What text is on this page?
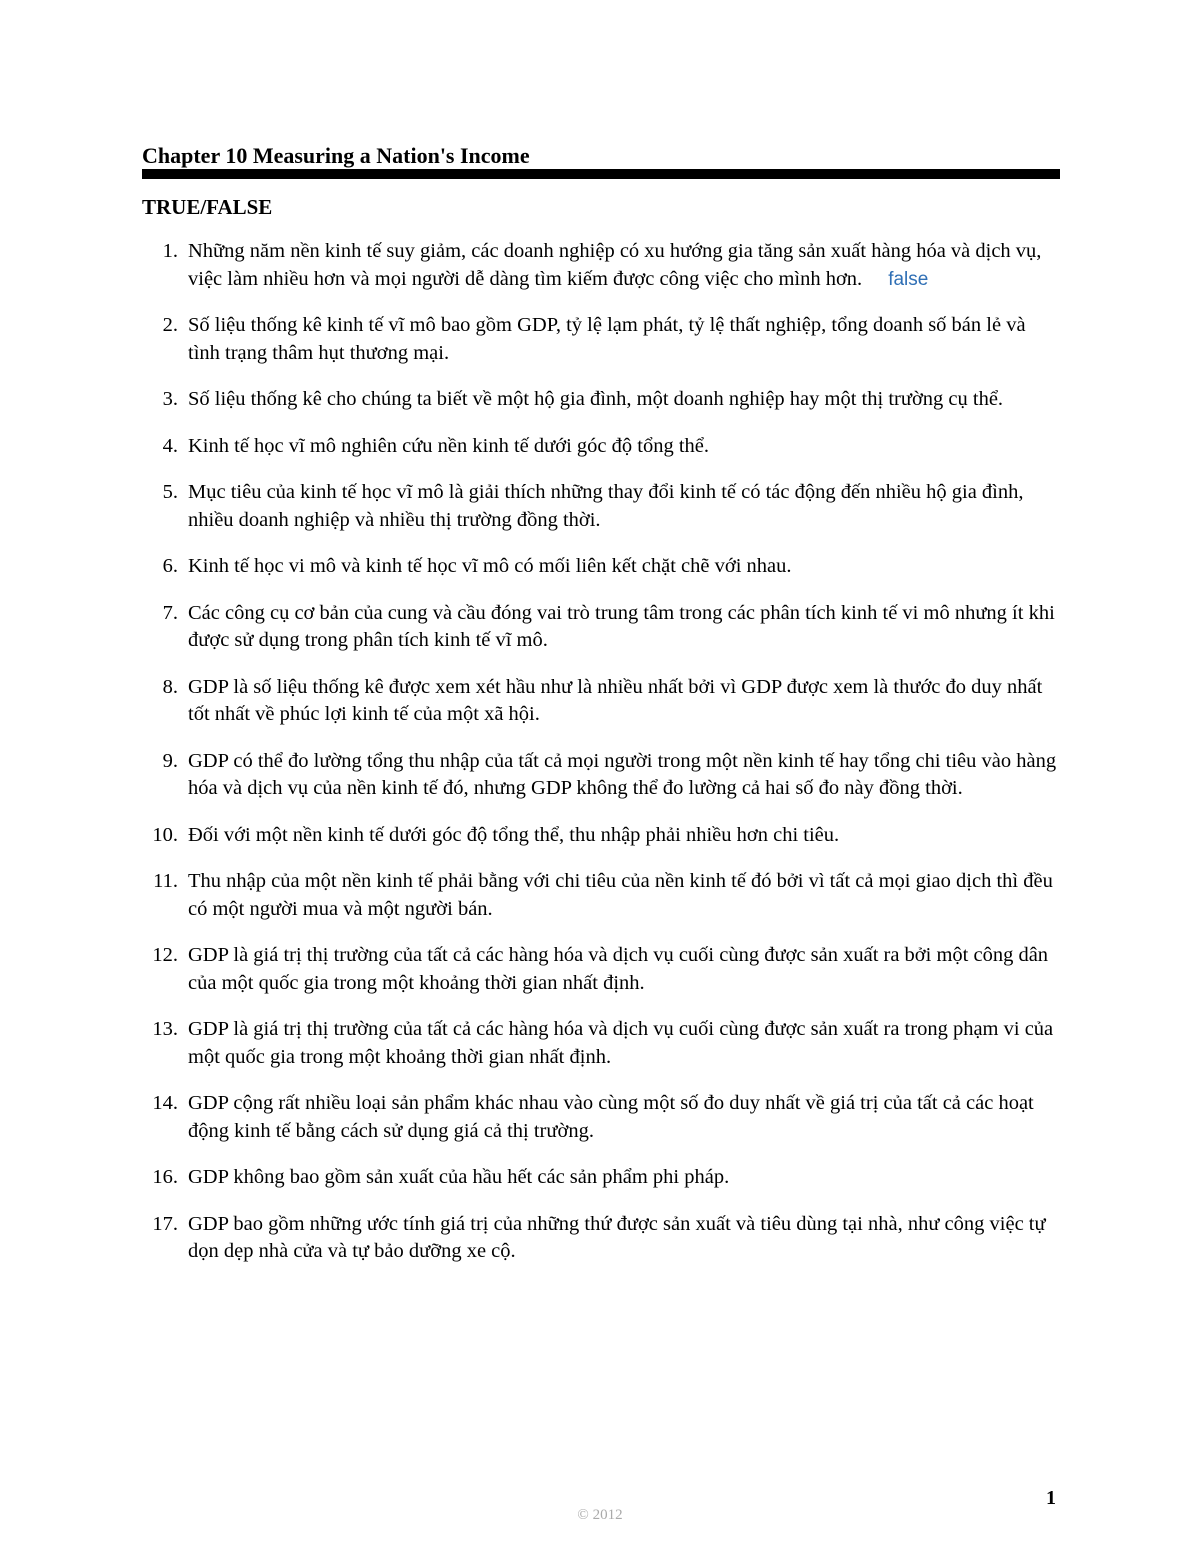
Chapter 10 Measuring a Nation's Income
TRUE/FALSE
1. Những năm nền kinh tế suy giảm, các doanh nghiệp có xu hướng gia tăng sản xuất hàng hóa và dịch vụ, việc làm nhiều hơn và mọi người dễ dàng tìm kiếm được công việc cho mình hơn. false
2. Số liệu thống kê kinh tế vĩ mô bao gồm GDP, tỷ lệ lạm phát, tỷ lệ thất nghiệp, tổng doanh số bán lẻ và tình trạng thâm hụt thương mại.
3. Số liệu thống kê cho chúng ta biết về một hộ gia đình, một doanh nghiệp hay một thị trường cụ thể.
4. Kinh tế học vĩ mô nghiên cứu nền kinh tế dưới góc độ tổng thể.
5. Mục tiêu của kinh tế học vĩ mô là giải thích những thay đổi kinh tế có tác động đến nhiều hộ gia đình, nhiều doanh nghiệp và nhiều thị trường đồng thời.
6. Kinh tế học vi mô và kinh tế học vĩ mô có mối liên kết chặt chẽ với nhau.
7. Các công cụ cơ bản của cung và cầu đóng vai trò trung tâm trong các phân tích kinh tế vi mô nhưng ít khi được sử dụng trong phân tích kinh tế vĩ mô.
8. GDP là số liệu thống kê được xem xét hầu như là nhiều nhất bởi vì GDP được xem là thước đo duy nhất tốt nhất về phúc lợi kinh tế của một xã hội.
9. GDP có thể đo lường tổng thu nhập của tất cả mọi người trong một nền kinh tế hay tổng chi tiêu vào hàng hóa và dịch vụ của nền kinh tế đó, nhưng GDP không thể đo lường cả hai số đo này đồng thời.
10. Đối với một nền kinh tế dưới góc độ tổng thể, thu nhập phải nhiều hơn chi tiêu.
11. Thu nhập của một nền kinh tế phải bằng với chi tiêu của nền kinh tế đó bởi vì tất cả mọi giao dịch thì đều có một người mua và một người bán.
12. GDP là giá trị thị trường của tất cả các hàng hóa và dịch vụ cuối cùng được sản xuất ra bởi một công dân của một quốc gia trong một khoảng thời gian nhất định.
13. GDP là giá trị thị trường của tất cả các hàng hóa và dịch vụ cuối cùng được sản xuất ra trong phạm vi của một quốc gia trong một khoảng thời gian nhất định.
14. GDP cộng rất nhiều loại sản phẩm khác nhau vào cùng một số đo duy nhất về giá trị của tất cả các hoạt động kinh tế bằng cách sử dụng giá cả thị trường.
16. GDP không bao gồm sản xuất của hầu hết các sản phẩm phi pháp.
17. GDP bao gồm những ước tính giá trị của những thứ được sản xuất và tiêu dùng tại nhà, như công việc tự dọn dẹp nhà cửa và tự bảo dưỡng xe cộ.
1
© 2012
